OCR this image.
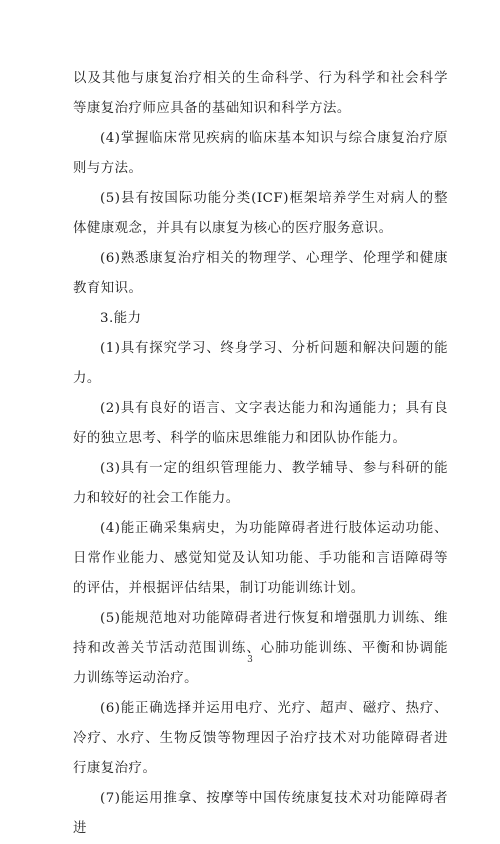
以及其他与康复治疗相关的生命科学、行为科学和社会科学等康复治疗师应具备的基础知识和科学方法。

(4)掌握临床常见疾病的临床基本知识与综合康复治疗原则与方法。

(5)县有按国际功能分类(ICF)框架培养学生对病人的整体健康观念，并具有以康复为核心的医疗服务意识。

(6)熟悉康复治疗相关的物理学、心理学、伦理学和健康教育知识。

3.能力

(1)具有探究学习、终身学习、分析问题和解决问题的能力。

(2)具有良好的语言、文字表达能力和沟通能力；具有良好的独立思考、科学的临床思维能力和团队协作能力。

(3)具有一定的组织管理能力、教学辅导、参与科研的能力和较好的社会工作能力。

(4)能正确采集病史，为功能障碍者进行肢体运动功能、日常作业能力、感觉知觉及认知功能、手功能和言语障碍等的评估，并根据评估结果，制订功能训练计划。

(5)能规范地对功能障碍者进行恢复和增强肌力训练、维持和改善关节活动范围训练、心肺功能训练、平衡和协调能力训练等运动治疗。

(6)能正确选择并运用电疗、光疗、超声、磁疗、热疗、冷疗、水疗、生物反馈等物理因子治疗技术对功能障碍者进行康复治疗。

(7)能运用推拿、按摩等中国传统康复技术对功能障碍者进

3
